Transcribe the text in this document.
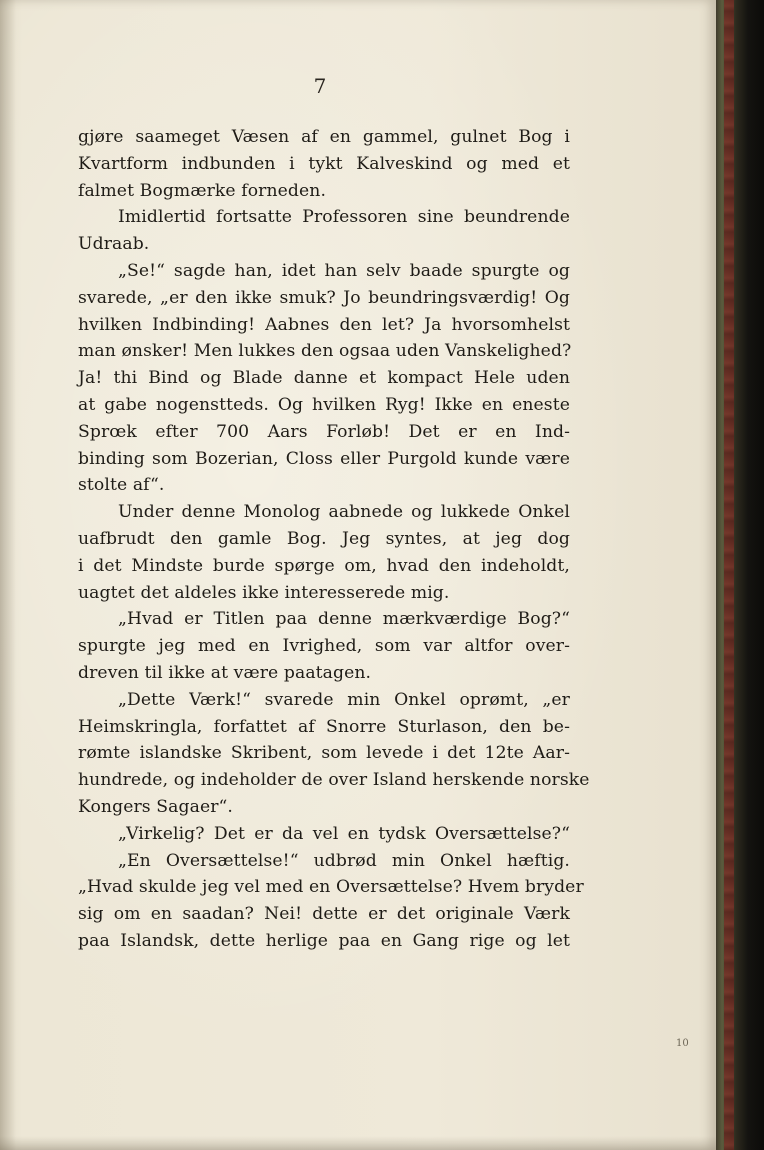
7
gjøre saameget Væsen af en gammel, gulnet Bog i
Kvartform indbunden i tykt Kalveskind og med et
falmet Bogmærke forneden.
Imidlertid fortsatte Professoren sine beundrende
Udraab.
„Se!“ sagde han, idet han selv baade spurgte og
svarede, „er den ikke smuk? Jo beundringsværdig! Og
hvilken Indbinding! Aabnes den let? Ja hvorsomhelst
man ønsker! Men lukkes den ogsaa uden Vanskelighed?
Ja! thi Bind og Blade danne et kompact Hele uden
at gabe nogenstteds. Og hvilken Ryg! Ikke en eneste
Sprœk efter 700 Aars Forløb! Det er en Ind-
binding som Bozerian, Closs eller Purgold kunde være
stolte af“.
Under denne Monolog aabnede og lukkede Onkel
uafbrudt den gamle Bog. Jeg syntes, at jeg dog
i det Mindste burde spørge om, hvad den indeholdt,
uagtet det aldeles ikke interesserede mig.
„Hvad er Titlen paa denne mærkværdige Bog?“
spurgte jeg med en Ivrighed, som var altfor over-
dreven til ikke at være paatagen.
„Dette Værk!“ svarede min Onkel oprømt, „er
Heimskringla, forfattet af Snorre Sturlason, den be-
rømte islandske Skribent, som levede i det 12te Aar-
hundrede, og indeholder de over Island herskende norske
Kongers Sagaer“.
„Virkelig? Det er da vel en tydsk Oversættelse?“
„En Oversættelse!“ udbrød min Onkel hæftig.
„Hvad skulde jeg vel med en Oversættelse? Hvem bryder
sig om en saadan? Nei! dette er det originale Værk
paa Islandsk, dette herlige paa en Gang rige og let
10
